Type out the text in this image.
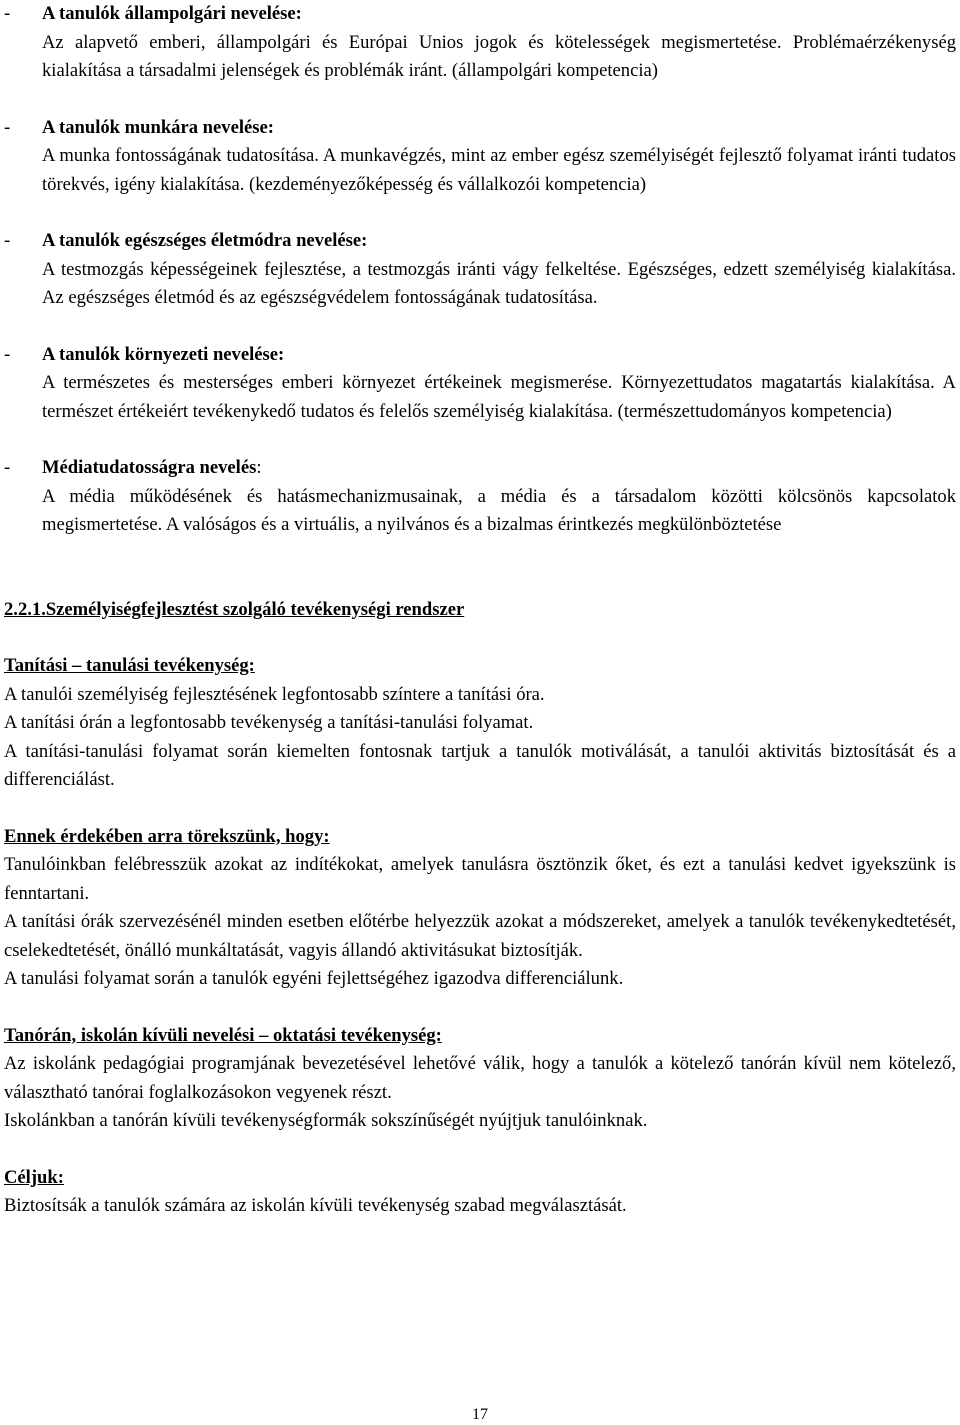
- A tanulók állampolgári nevelése:
Az alapvető emberi, állampolgári és Európai Unios jogok és kötelességek megismertetése. Problémaérzékenység kialakítása a társadalmi jelenségek és problémák iránt. (állampolgári kompetencia)
- A tanulók munkára nevelése:
A munka fontosságának tudatosítása. A munkavégzés, mint az ember egész személyiségét fejlesztő folyamat iránti tudatos törekvés, igény kialakítása. (kezdeményezőképesség és vállalkozói kompetencia)
- A tanulók egészséges életmódra nevelése:
A testmozgás képességeinek fejlesztése, a testmozgás iránti vágy felkeltése. Egészséges, edzett személyiség kialakítása. Az egészséges életmód és az egészségvédelem fontosságának tudatosítása.
- A tanulók környezeti nevelése:
A természetes és mesterséges emberi környezet értékeinek megismerése. Környezettudatos magatartás kialakítása. A természet értékeiért tevékenykedő tudatos és felelős személyiség kialakítása. (természettudományos kompetencia)
- Médiatudatosságra nevelés:
A média működésének és hatásmechanizmusainak, a média és a társadalom közötti kölcsönös kapcsolatok megismertetése. A valóságos és a virtuális, a nyilvános és a bizalmas érintkezés megkülönböztetése

2.2.1.Személyiségfejlesztést szolgáló tevékenységi rendszer

Tanítási – tanulási tevékenység:

A tanulói személyiség fejlesztésének legfontosabb színtere a tanítási óra.

A tanítási órán a legfontosabb tevékenység a tanítási-tanulási folyamat.

A tanítási-tanulási folyamat során kiemelten fontosnak tartjuk a tanulók motiválását, a tanulói aktivitás biztosítását és a differenciálást.

Ennek érdekében arra törekszünk, hogy:

Tanulóinkban felébresszük azokat az indítékokat, amelyek tanulásra ösztönzik őket, és ezt a tanulási kedvet igyekszünk is fenntartani.

A tanítási órák szervezésénél minden esetben előtérbe helyezzük azokat a módszereket, amelyek a tanulók tevékenykedtetését, cselekedtetését, önálló munkáltatását, vagyis állandó aktivitásukat biztosítják.

A tanulási folyamat során a tanulók egyéni fejlettségéhez igazodva differenciálunk.

Tanórán, iskolán kívüli nevelési – oktatási tevékenység:

Az iskolánk pedagógiai programjának bevezetésével lehetővé válik, hogy a tanulók a kötelező tanórán kívül nem kötelező, választható tanórai foglalkozásokon vegyenek részt.

Iskolánkban a tanórán kívüli tevékenységformák sokszínűségét nyújtjuk tanulóinknak.

Céljuk:

Biztosítsák a tanulók számára az iskolán kívüli tevékenység szabad megválasztását.

17
